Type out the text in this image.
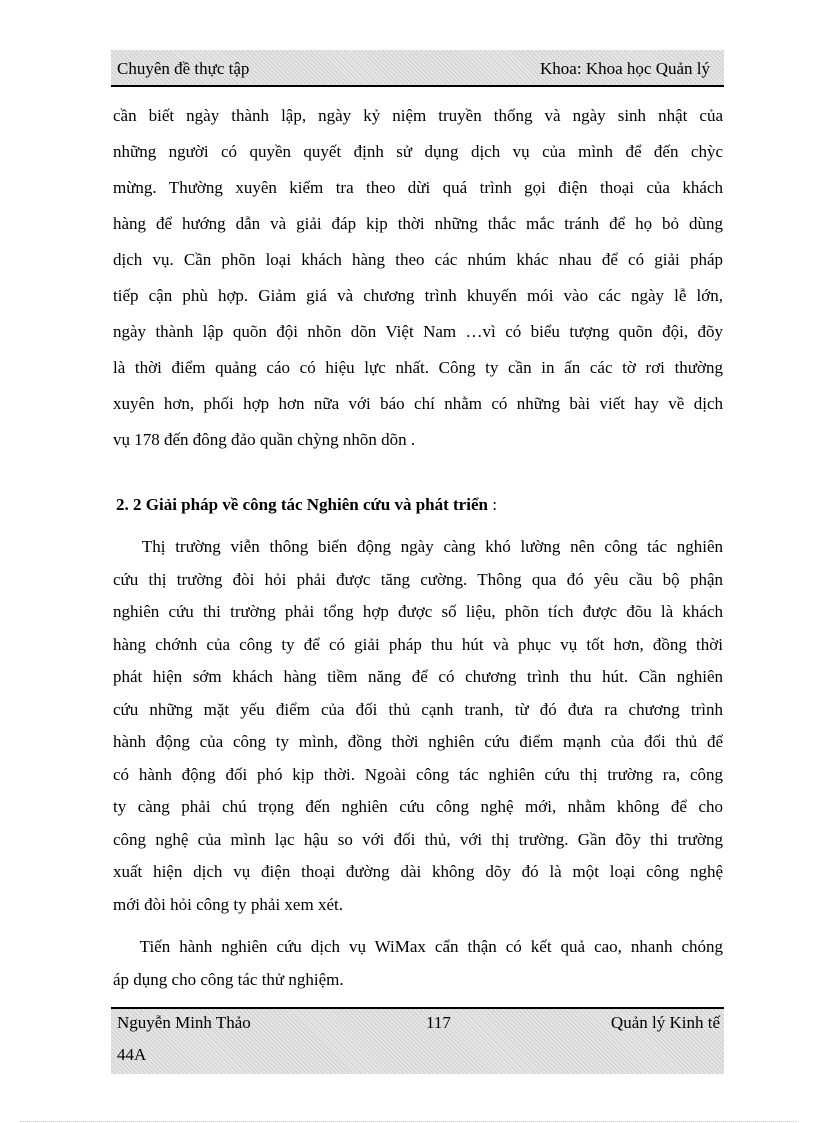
Chuyên đề thực tập	Khoa: Khoa học Quản lý
cần biết ngày thành lập, ngày kỷ niệm truyền thống và ngày sinh nhật của
những người có quyền quyết định sử dụng dịch vụ của mình để đến chỳc
mừng. Thường xuyên kiểm tra theo dừi quá trình gọi điện thoại của khách
hàng để hướng dẫn và giải đáp kịp thời những thắc mắc tránh để họ bỏ dùng
dịch vụ. Cần phõn loại khách hàng theo các nhúm khác nhau để có giải pháp
tiếp cận phù hợp. Giảm giá và chương trình khuyến mói vào các ngày lễ lớn,
ngày thành lập quõn đội nhõn dõn Việt Nam …vì có biểu tượng quõn đội, đõy
là thời điểm quảng cáo có hiệu lực nhất. Công ty cần in ấn các tờ rơi thường
xuyên hơn, phối hợp hơn nữa với báo chí nhằm có những bài viết hay về dịch
vụ 178 đến đông đảo quần chỳng nhõn dõn .
2. 2 Giải pháp về công tác Nghiên cứu và phát triển :
Thị trường viễn thông biến động ngày càng khó lường nên công tác nghiên
cứu thị trường đòi hỏi phải được tăng cường. Thông qua đó yêu cầu bộ phận
nghiên cứu thi trường phải tổng hợp được số liệu, phõn tích được đõu là khách
hàng chớnh của công ty để có giải pháp thu hút và phục vụ tốt hơn, đồng thời
phát hiện sớm khách hàng tiềm năng để có chương trình thu hút. Cần nghiên
cứu những mặt yếu điểm của đối thủ cạnh tranh, từ đó đưa ra chương trình
hành động của công ty mình, đồng thời nghiên cứu điểm mạnh của đối thủ để
có hành động đối phó kịp thời. Ngoài công tác nghiên cứu thị trường ra, công
ty càng phải chú trọng đến nghiên cứu công nghệ mới, nhằm không để cho
công nghệ của mình lạc hậu so với đối thủ, với thị trường. Gần đõy thi trường
xuất hiện dịch vụ điện thoại đường dài không dõy đó là một loại công nghệ
mới đòi hỏi công ty phải xem xét.
Tiến hành nghiên cứu dịch vụ WiMax cẩn thận có kết quả cao, nhanh chóng
áp dụng cho công tác thử nghiệm.
Nguyễn Minh Thảo	117	Quản lý Kinh tế
44A
